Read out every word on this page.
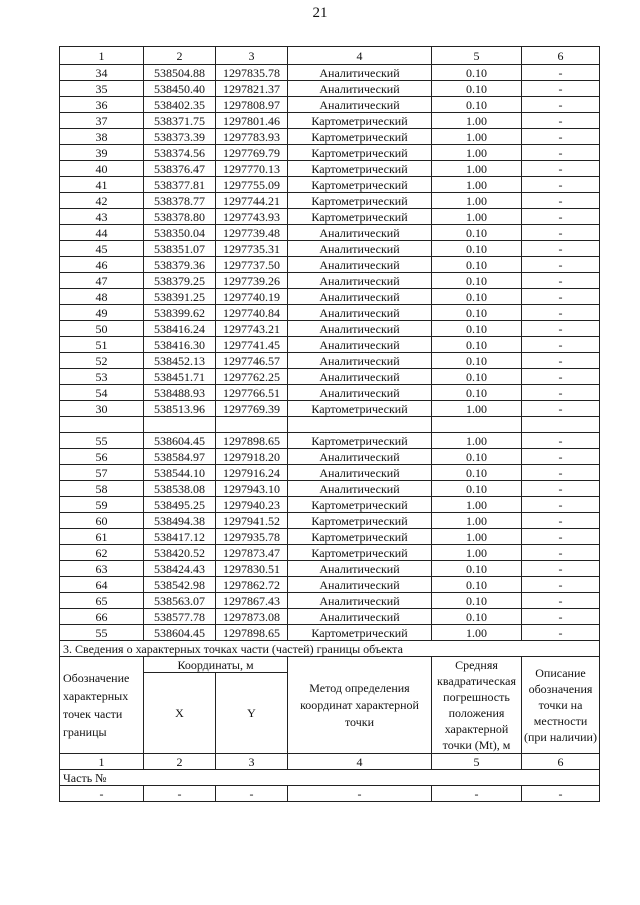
21
1	2	3	4	5	6
34	538504.88	1297835.78	Аналитический	0.10	-
35	538450.40	1297821.37	Аналитический	0.10	-
36	538402.35	1297808.97	Аналитический	0.10	-
37	538371.75	1297801.46	Картометрический	1.00	-
38	538373.39	1297783.93	Картометрический	1.00	-
39	538374.56	1297769.79	Картометрический	1.00	-
40	538376.47	1297770.13	Картометрический	1.00	-
41	538377.81	1297755.09	Картометрический	1.00	-
42	538378.77	1297744.21	Картометрический	1.00	-
43	538378.80	1297743.93	Картометрический	1.00	-
44	538350.04	1297739.48	Аналитический	0.10	-
45	538351.07	1297735.31	Аналитический	0.10	-
46	538379.36	1297737.50	Аналитический	0.10	-
47	538379.25	1297739.26	Аналитический	0.10	-
48	538391.25	1297740.19	Аналитический	0.10	-
49	538399.62	1297740.84	Аналитический	0.10	-
50	538416.24	1297743.21	Аналитический	0.10	-
51	538416.30	1297741.45	Аналитический	0.10	-
52	538452.13	1297746.57	Аналитический	0.10	-
53	538451.71	1297762.25	Аналитический	0.10	-
54	538488.93	1297766.51	Аналитический	0.10	-
30	538513.96	1297769.39	Картометрический	1.00	-

55	538604.45	1297898.65	Картометрический	1.00	-
56	538584.97	1297918.20	Аналитический	0.10	-
57	538544.10	1297916.24	Аналитический	0.10	-
58	538538.08	1297943.10	Аналитический	0.10	-
59	538495.25	1297940.23	Картометрический	1.00	-
60	538494.38	1297941.52	Картометрический	1.00	-
61	538417.12	1297935.78	Картометрический	1.00	-
62	538420.52	1297873.47	Картометрический	1.00	-
63	538424.43	1297830.51	Аналитический	0.10	-
64	538542.98	1297862.72	Аналитический	0.10	-
65	538563.07	1297867.43	Аналитический	0.10	-
66	538577.78	1297873.08	Аналитический	0.10	-
55	538604.45	1297898.65	Картометрический	1.00	-
3. Сведения о характерных точках части (частей) границы объекта					
Обозначение характерных точек части границы	Координаты, м		Метод определения координат характерной точки	Средняя квадратическая погрешность положения характерной точки (Mt), м	Описание обозначения точки на местности (при наличии)
	X	Y			
1	2	3	4	5	6
Часть №					
-	-	-	-	-	-
